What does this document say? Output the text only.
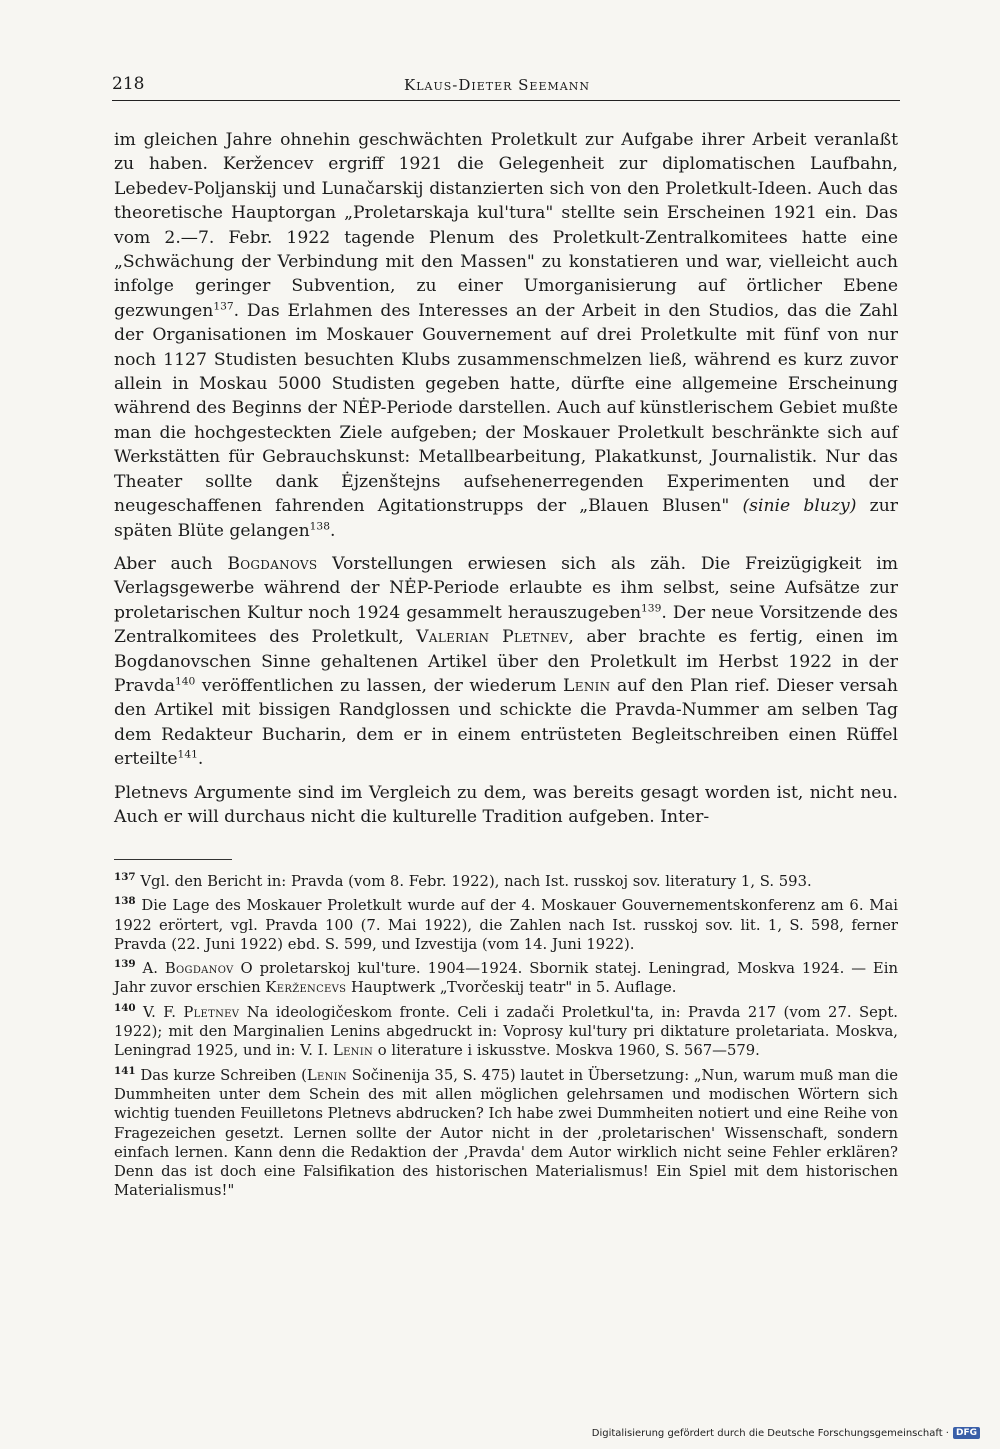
218	Klaus-Dieter Seemann

im gleichen Jahre ohnehin geschwächten Proletkult zur Aufgabe ihrer Arbeit veranlaßt zu haben. Keržencev ergriff 1921 die Gelegenheit zur diplomatischen Laufbahn, Lebedev-Poljanskij und Lunačarskij distanzierten sich von den Proletkult-Ideen. Auch das theoretische Hauptorgan „Proletarskaja kul'tura" stellte sein Erscheinen 1921 ein. Das vom 2.—7. Febr. 1922 tagende Plenum des Proletkult-Zentralkomitees hatte eine „Schwächung der Verbindung mit den Massen" zu konstatieren und war, vielleicht auch infolge geringer Subvention, zu einer Umorganisierung auf örtlicher Ebene gezwungen$^{137}$. Das Erlahmen des Interesses an der Arbeit in den Studios, das die Zahl der Organisationen im Moskauer Gouvernement auf drei Proletkulte mit fünf von nur noch 1127 Studisten besuchten Klubs zusammenschmelzen ließ, während es kurz zuvor allein in Moskau 5000 Studisten gegeben hatte, dürfte eine allgemeine Erscheinung während des Beginns der NĖP-Periode darstellen. Auch auf künstlerischem Gebiet mußte man die hochgesteckten Ziele aufgeben; der Moskauer Proletkult beschränkte sich auf Werkstätten für Gebrauchskunst: Metallbearbeitung, Plakatkunst, Journalistik. Nur das Theater sollte dank Ėjzenštejns aufsehenerregenden Experimenten und der neugeschaffenen fahrenden Agitationstrupps der „Blauen Blusen" (sinie bluzy) zur späten Blüte gelangen$^{138}$.

Aber auch Bogdanovs Vorstellungen erwiesen sich als zäh. Die Freizügigkeit im Verlagsgewerbe während der NĖP-Periode erlaubte es ihm selbst, seine Aufsätze zur proletarischen Kultur noch 1924 gesammelt herauszugeben$^{139}$. Der neue Vorsitzende des Zentralkomitees des Proletkult, Valerian Pletnev, aber brachte es fertig, einen im Bogdanovschen Sinne gehaltenen Artikel über den Proletkult im Herbst 1922 in der Pravda$^{140}$ veröffentlichen zu lassen, der wiederum Lenin auf den Plan rief. Dieser versah den Artikel mit bissigen Randglossen und schickte die Pravda-Nummer am selben Tag dem Redakteur Bucharin, dem er in einem entrüsteten Begleitschreiben einen Rüffel erteilte$^{141}$.

Pletnevs Argumente sind im Vergleich zu dem, was bereits gesagt worden ist, nicht neu. Auch er will durchaus nicht die kulturelle Tradition aufgeben. Inter-

$^{137}$ Vgl. den Bericht in: Pravda (vom 8. Febr. 1922), nach Ist. russkoj sov. literatury 1, S. 593.

$^{138}$ Die Lage des Moskauer Proletkult wurde auf der 4. Moskauer Gouvernementskonferenz am 6. Mai 1922 erörtert, vgl. Pravda 100 (7. Mai 1922), die Zahlen nach Ist. russkoj sov. lit. 1, S. 598, ferner Pravda (22. Juni 1922) ebd. S. 599, und Izvestija (vom 14. Juni 1922).

$^{139}$ A. Bogdanov O proletarskoj kul'ture. 1904—1924. Sbornik statej. Leningrad, Moskva 1924. — Ein Jahr zuvor erschien Keržencevs Hauptwerk „Tvorčeskij teatr" in 5. Auflage.

$^{140}$ V. F. Pletnev Na ideologičeskom fronte. Celi i zadači Proletkul'ta, in: Pravda 217 (vom 27. Sept. 1922); mit den Marginalien Lenins abgedruckt in: Voprosy kul'tury pri diktature proletariata. Moskva, Leningrad 1925, und in: V. I. Lenin o literature i iskusstve. Moskva 1960, S. 567—579.

$^{141}$ Das kurze Schreiben (Lenin Sočinenija 35, S. 475) lautet in Übersetzung: „Nun, warum muß man die Dummheiten unter dem Schein des mit allen möglichen gelehrsamen und modischen Wörtern sich wichtig tuenden Feuilletons Pletnevs abdrucken? Ich habe zwei Dummheiten notiert und eine Reihe von Fragezeichen gesetzt. Lernen sollte der Autor nicht in der ‚proletarischen' Wissenschaft, sondern einfach lernen. Kann denn die Redaktion der ‚Pravda' dem Autor wirklich nicht seine Fehler erklären? Denn das ist doch eine Falsifikation des historischen Materialismus! Ein Spiel mit dem historischen Materialismus!"

Digitalisierung gefördert durch die Deutsche Forschungsgemeinschaft · DFG
